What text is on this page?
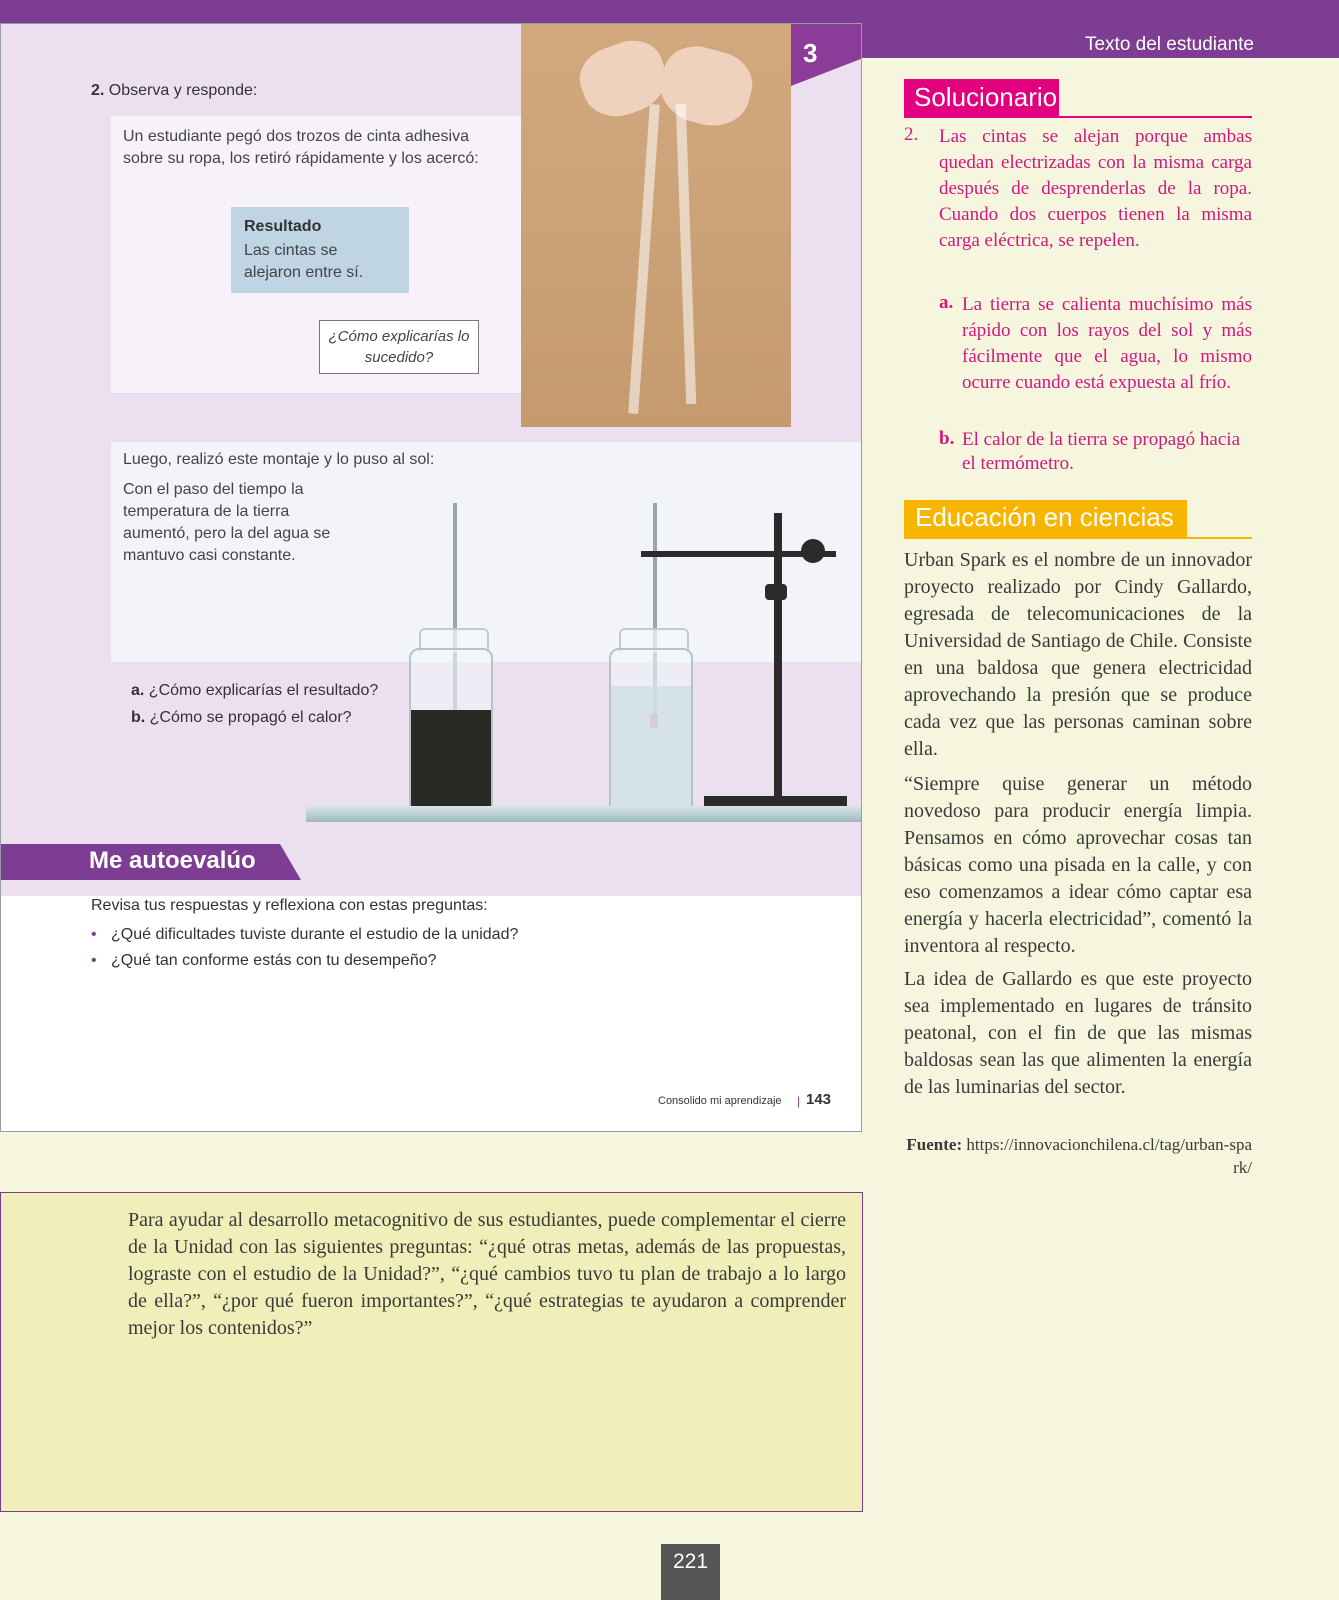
Texto del estudiante
3
2. Observa y responde:
Un estudiante pegó dos trozos de cinta adhesiva sobre su ropa, los retiró rápidamente y los acercó:
Resultado
Las cintas se alejaron entre sí.
¿Cómo explicarías lo sucedido?
Luego, realizó este montaje y lo puso al sol:
Con el paso del tiempo la temperatura de la tierra aumentó, pero la del agua se mantuvo casi constante.
a. ¿Cómo explicarías el resultado?
b. ¿Cómo se propagó el calor?
Me autoevalúo
Revisa tus respuestas y reflexiona con estas preguntas:
• ¿Qué dificultades tuviste durante el estudio de la unidad?
• ¿Qué tan conforme estás con tu desempeño?
Consolido mi aprendizaje | 143
Solucionario
2. Las cintas se alejan porque ambas quedan electrizadas con la misma carga después de desprenderlas de la ropa. Cuando dos cuerpos tienen la misma carga eléctrica, se repelen.
a. La tierra se calienta muchísimo más rápido con los rayos del sol y más fácilmente que el agua, lo mismo ocurre cuando está expuesta al frío.
b. El calor de la tierra se propagó hacia el termómetro.
Educación en ciencias
Urban Spark es el nombre de un innovador proyecto realizado por Cindy Gallardo, egresada de telecomunicaciones de la Universidad de Santiago de Chile. Consiste en una baldosa que genera electricidad aprovechando la presión que se produce cada vez que las personas caminan sobre ella.
“Siempre quise generar un método novedoso para producir energía limpia. Pensamos en cómo aprovechar cosas tan básicas como una pisada en la calle, y con eso comenzamos a idear cómo captar esa energía y hacerla electricidad”, comentó la inventora al respecto.
La idea de Gallardo es que este proyecto sea implementado en lugares de tránsito peatonal, con el fin de que las mismas baldosas sean las que alimenten la energía de las luminarias del sector.
Fuente: https://innovacionchilena.cl/tag/urban-spark/
Para ayudar al desarrollo metacognitivo de sus estudiantes, puede complementar el cierre de la Unidad con las siguientes preguntas: “¿qué otras metas, además de las propuestas, lograste con el estudio de la Unidad?”, “¿qué cambios tuvo tu plan de trabajo a lo largo de ella?”, “¿por qué fueron importantes?”, “¿qué estrategias te ayudaron a comprender mejor los contenidos?”
221
